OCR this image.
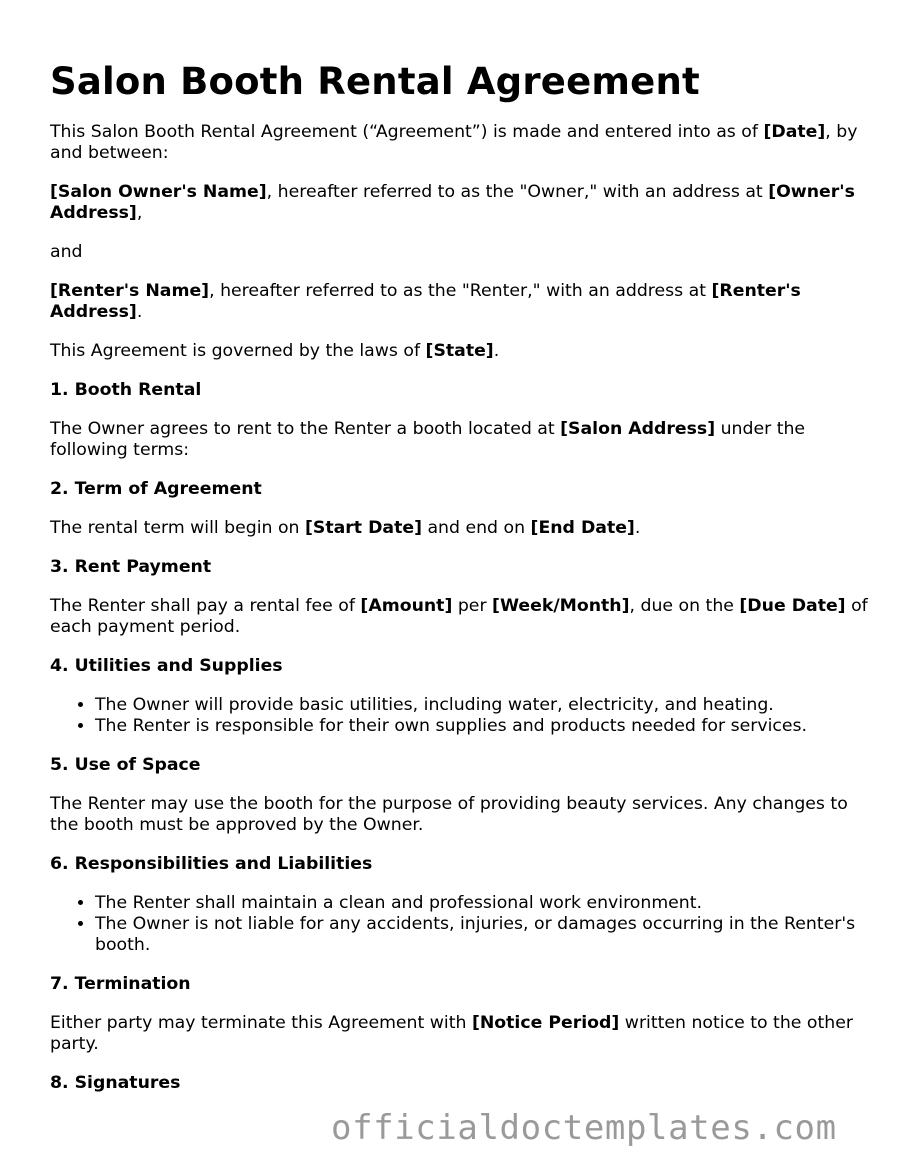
Salon Booth Rental Agreement

This Salon Booth Rental Agreement (“Agreement”) is made and entered into as of [Date], by and between:

[Salon Owner's Name], hereafter referred to as the "Owner," with an address at [Owner's Address],

and

[Renter's Name], hereafter referred to as the "Renter," with an address at [Renter's Address].

This Agreement is governed by the laws of [State].

1. Booth Rental

The Owner agrees to rent to the Renter a booth located at [Salon Address] under the following terms:

2. Term of Agreement

The rental term will begin on [Start Date] and end on [End Date].

3. Rent Payment

The Renter shall pay a rental fee of [Amount] per [Week/Month], due on the [Due Date] of each payment period.

4. Utilities and Supplies
• The Owner will provide basic utilities, including water, electricity, and heating.
• The Renter is responsible for their own supplies and products needed for services.
5. Use of Space

The Renter may use the booth for the purpose of providing beauty services. Any changes to the booth must be approved by the Owner.

6. Responsibilities and Liabilities
• The Renter shall maintain a clean and professional work environment.
• The Owner is not liable for any accidents, injuries, or damages occurring in the Renter's booth.
7. Termination

Either party may terminate this Agreement with [Notice Period] written notice to the other party.

8. Signatures
officialdoctemplates.com
